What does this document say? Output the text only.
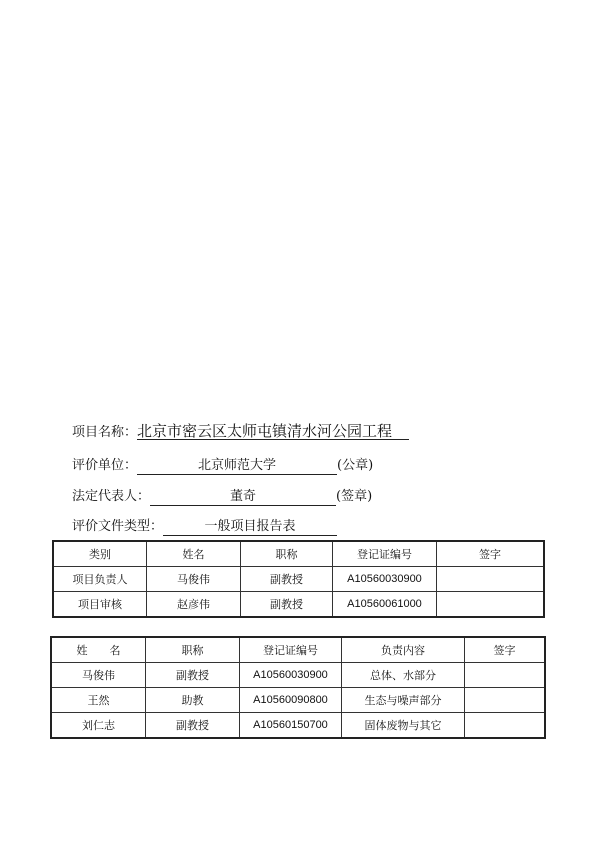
项目名称：北京市密云区太师屯镇清水河公园工程
评价单位：	北京师范大学	(公章)
法定代表人：	董奇	(签章)
评价文件类型：	一般项目报告表
类别	姓名	职称	登记证编号	签字
项目负责人	马俊伟	副教授	A10560030900	
项目审核	赵彦伟	副教授	A10560061000	
姓　　名	职称	登记证编号	负责内容	签字
马俊伟	副教授	A10560030900	总体、水部分	
王然	助教	A10560090800	生态与噪声部分	
刘仁志	副教授	A10560150700	固体废物与其它	
